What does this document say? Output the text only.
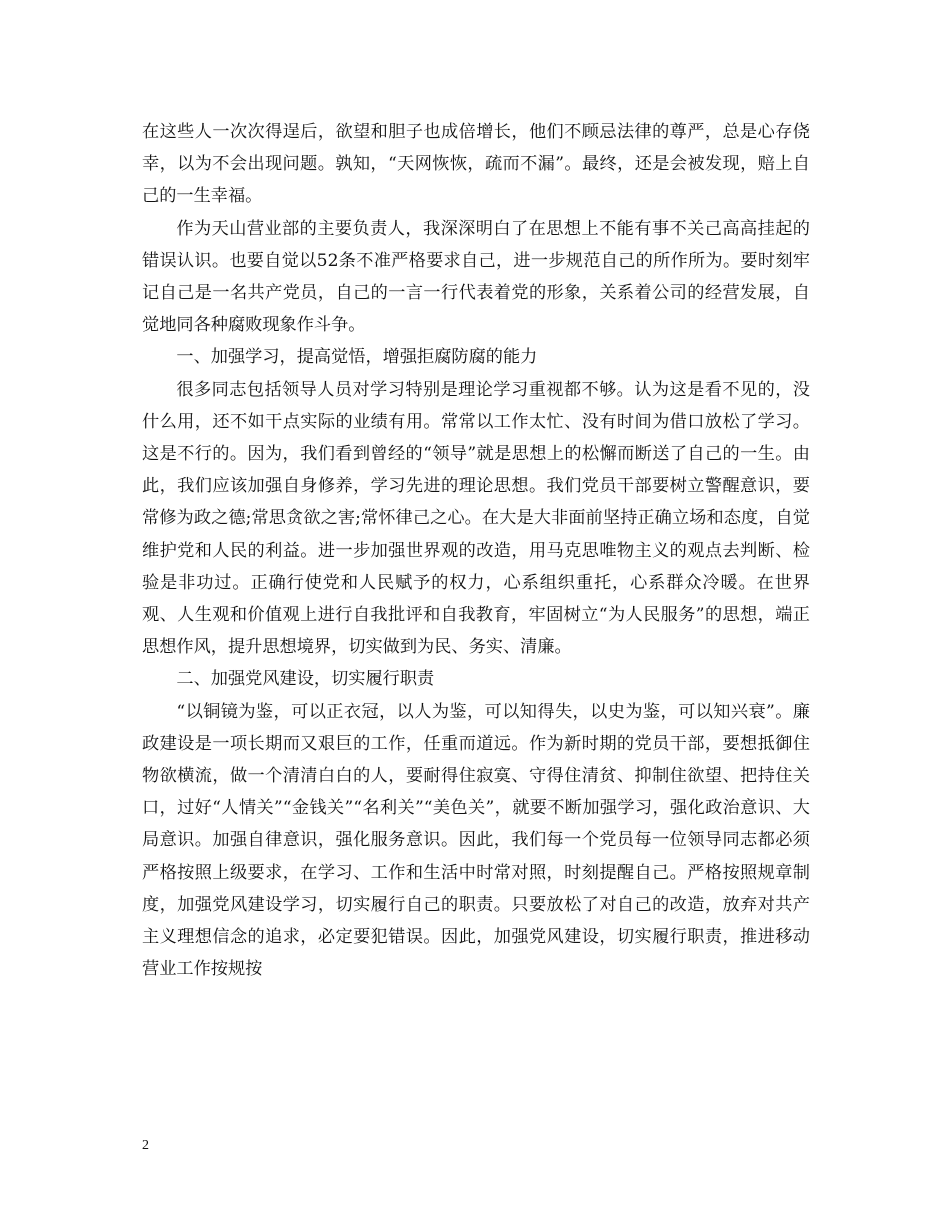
在这些人一次次得逞后，欲望和胆子也成倍增长，他们不顾忌法律的尊严，总是心存侥幸，以为不会出现问题。孰知，“天网恢恢，疏而不漏”。最终，还是会被发现，赔上自己的一生幸福。

作为天山营业部的主要负责人，我深深明白了在思想上不能有事不关己高高挂起的错误认识。也要自觉以52条不准严格要求自己，进一步规范自己的所作所为。要时刻牢记自己是一名共产党员，自己的一言一行代表着党的形象，关系着公司的经营发展，自觉地同各种腐败现象作斗争。

一、加强学习，提高觉悟，增强拒腐防腐的能力

很多同志包括领导人员对学习特别是理论学习重视都不够。认为这是看不见的，没什么用，还不如干点实际的业绩有用。常常以工作太忙、没有时间为借口放松了学习。这是不行的。因为，我们看到曾经的“领导”就是思想上的松懈而断送了自己的一生。由此，我们应该加强自身修养，学习先进的理论思想。我们党员干部要树立警醒意识，要常修为政之德;常思贪欲之害;常怀律己之心。在大是大非面前坚持正确立场和态度，自觉维护党和人民的利益。进一步加强世界观的改造，用马克思唯物主义的观点去判断、检验是非功过。正确行使党和人民赋予的权力，心系组织重托，心系群众冷暖。在世界观、人生观和价值观上进行自我批评和自我教育，牢固树立“为人民服务”的思想，端正思想作风，提升思想境界，切实做到为民、务实、清廉。

二、加强党风建设，切实履行职责

“以铜镜为鉴，可以正衣冠，以人为鉴，可以知得失，以史为鉴，可以知兴衰”。廉政建设是一项长期而又艰巨的工作，任重而道远。作为新时期的党员干部，要想抵御住物欲横流，做一个清清白白的人，要耐得住寂寞、守得住清贫、抑制住欲望、把持住关口，过好“人情关”“金钱关”“名利关”“美色关”，就要不断加强学习，强化政治意识、大局意识。加强自律意识，强化服务意识。因此，我们每一个党员每一位领导同志都必须严格按照上级要求，在学习、工作和生活中时常对照，时刻提醒自己。严格按照规章制度，加强党风建设学习，切实履行自己的职责。只要放松了对自己的改造，放弃对共产主义理想信念的追求，必定要犯错误。因此，加强党风建设，切实履行职责，推进移动营业工作按规按

2
